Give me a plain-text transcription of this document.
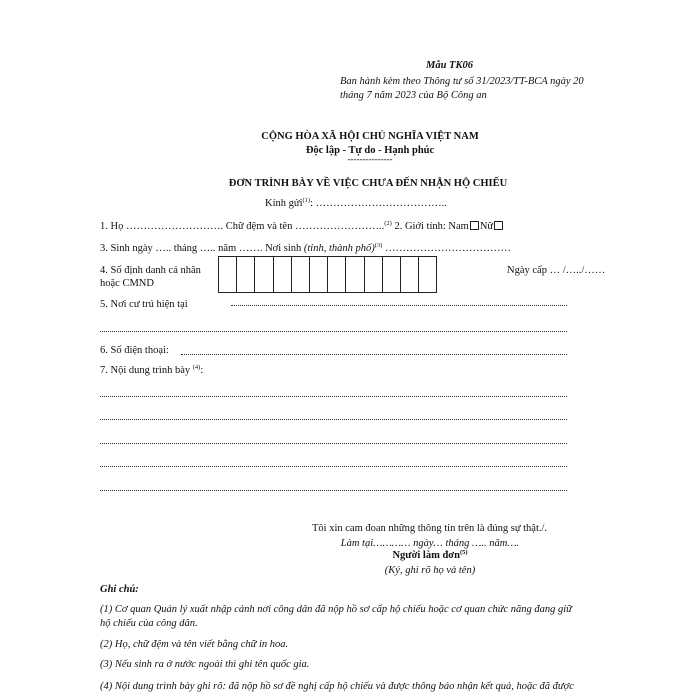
Mẫu TK06
Ban hành kèm theo Thông tư số 31/2023/TT-BCA ngày 20
tháng 7 năm 2023 của Bộ Công an
CỘNG HÒA XÃ HỘI CHỦ NGHĨA VIỆT NAM
Độc lập - Tự do - Hạnh phúc
---------------
ĐƠN TRÌNH BÀY VỀ VIỆC CHƯA ĐẾN NHẬN HỘ CHIẾU
Kính gửi$^{(1)}$: ………………………………..
1. Họ ………………………. Chữ đệm và tên ……………………..$^{(2)}$ 2. Giới tính: Nam Nữ
3. Sinh ngày ….. tháng ….. năm ……. Nơi sinh (tỉnh, thành phố)$^{(3)}$ ………………………………
4. Số định danh cá nhân
hoặc CMND
Ngày cấp … /…../……
5. Nơi cư trú hiện tại
6. Số điện thoại:
7. Nội dung trình bày $^{(4)}$:
Tôi xin cam đoan những thông tin trên là đúng sự thật./.
Làm tại………… ngày… tháng ….. năm….
Người làm đơn$^{(5)}$
(Ký, ghi rõ họ và tên)
Ghi chú:
(1) Cơ quan Quản lý xuất nhập cảnh nơi công dân đã nộp hồ sơ cấp hộ chiếu hoặc cơ quan chức năng đang giữ
hộ chiếu của công dân.
(2) Họ, chữ đệm và tên viết bằng chữ in hoa.
(3) Nếu sinh ra ở nước ngoài thì ghi tên quốc gia.
(4) Nội dung trình bày ghi rõ: đã nộp hồ sơ đề nghị cấp hộ chiếu và được thông báo nhận kết quả, hoặc đã được
